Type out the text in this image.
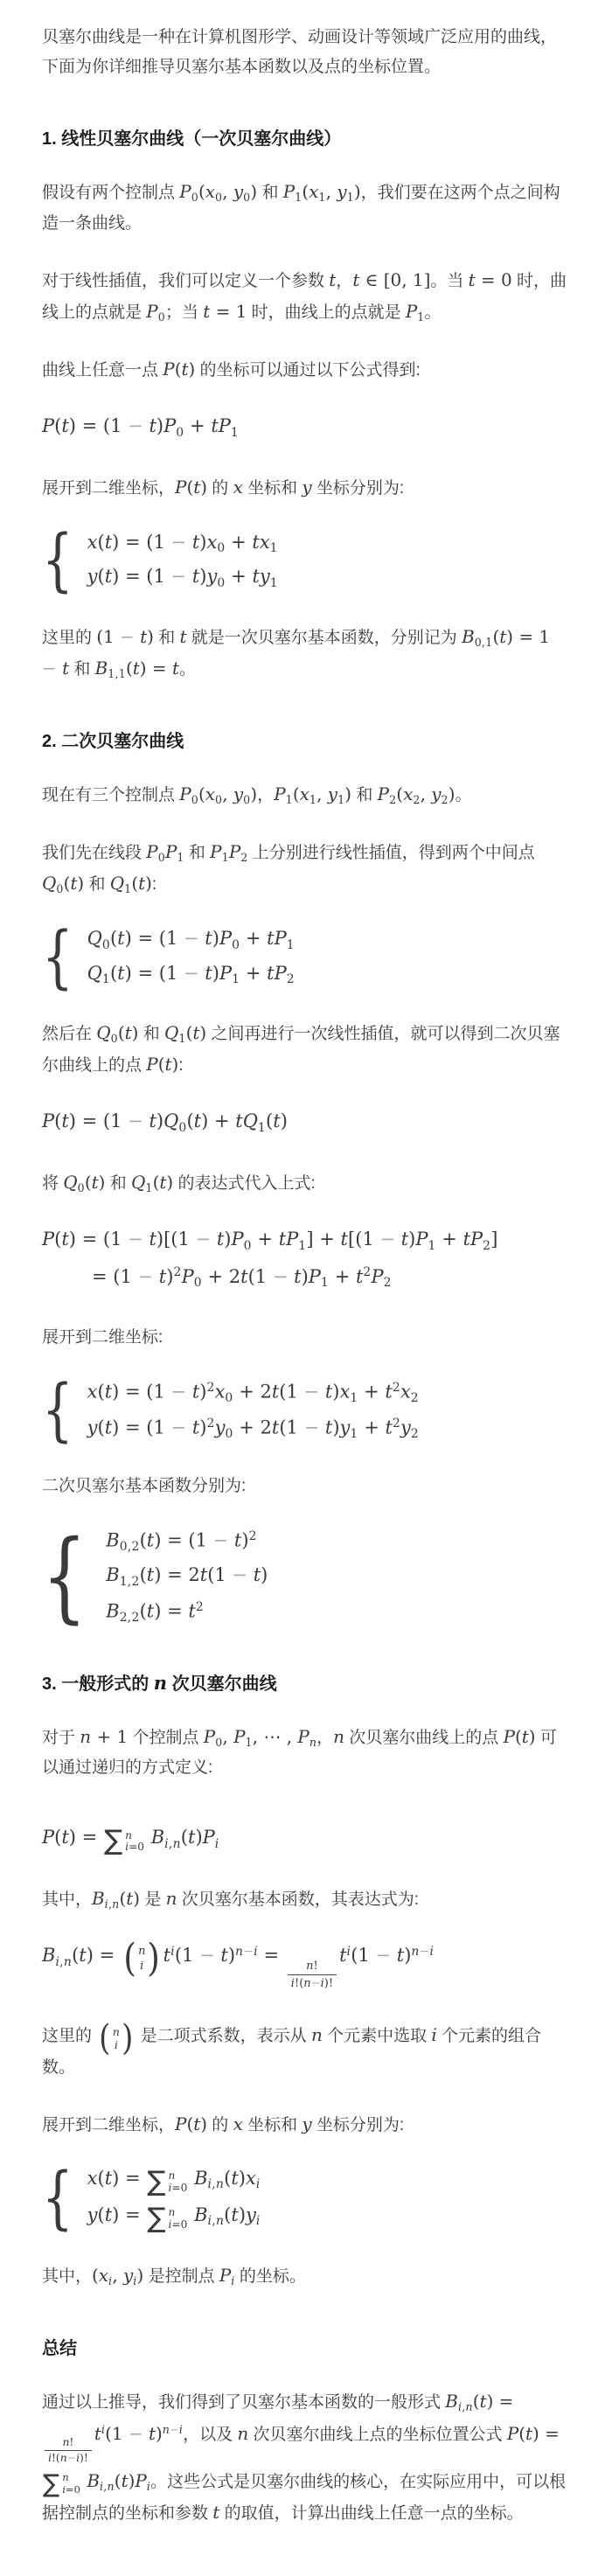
贝塞尔曲线是一种在计算机图形学、动画设计等领域广泛应用的曲线，下面为你详细推导贝塞尔基本函数以及点的坐标位置。

1. 线性贝塞尔曲线（一次贝塞尔曲线）

假设有两个控制点 $P_0(x_0$, $y_0$) 和 $P_1(x_1$, $y_1$)，我们要在这两个点之间构造一条曲线。

对于线性插值，我们可以定义一个参数 t，t ∈ [0, 1]。当 t = 0 时，曲线上的点就是 $P_0$；当 t = 1 时，曲线上的点就是 $P_1$。

曲线上任意一点 P(t) 的坐标可以通过以下公式得到:

$P(t) = (1 - t)P_0 + tP_1$

展开到二维坐标，P(t) 的 x 坐标和 y 坐标分别为:

{ $x(t) = (1 - t)x_0 + tx_1$
$y(t) = (1 - t)y_0 + ty_1$

这里的 (1 − t) 和 t 就是一次贝塞尔基本函数，分别记为 $B_{0,1}(t) = 1 - t$ 和 $B_{1,1}(t) = t$。

2. 二次贝塞尔曲线

现在有三个控制点 $P_0(x_0$, $y_0$)，$P_1(x_1$, $y_1$) 和 $P_2(x_2$, $y_2$)。

我们先在线段 $P_0P_1$ 和 $P_1P_2$ 上分别进行线性插值，得到两个中间点 $Q_0(t)$ 和 $Q_1(t)$:

{ $Q_0(t) = (1 - t)P_0 + tP_1$
$Q_1(t) = (1 - t)P_1 + tP_2$

然后在 $Q_0(t)$ 和 $Q_1(t)$ 之间再进行一次线性插值，就可以得到二次贝塞尔曲线上的点 P(t):

$P(t) = (1 - t)Q_0(t) + tQ_1(t)$

将 $Q_0(t)$ 和 $Q_1(t)$ 的表达式代入上式:

$P(t) = (1 - t)[(1 - t)P_0 + tP_1] + t[(1 - t)P_1 + tP_2]$
= $(1 - t)^2P_0 + 2t(1 - t)P_1 + t^2P_2$

展开到二维坐标:

{ $x(t) = (1 - t)^2x_0 + 2t(1 - t)x_1 + t^2x_2$
$y(t) = (1 - t)^2y_0 + 2t(1 - t)y_1 + t^2y_2$

二次贝塞尔基本函数分别为:

{ $B_{0,2}(t) = (1 - t)^2$
$B_{1,2}(t) = 2t(1 - t)$
$B_{2,2}(t) = t^2$
3. 一般形式的 n 次贝塞尔曲线

对于 n + 1 个控制点 $P_0$, $P_1$, ⋯ , $P_n$，n 次贝塞尔曲线上的点 P(t) 可以通过递归的方式定义:

P(t) = ∑ n
i=0 $B_{i,n}(t)P_i$

其中，$B_{i,n}(t)$ 是 n 次贝塞尔基本函数，其表达式为:

$B_{i,n}(t)$ = ( n
i ) $t^i(1 - t)^{n-i}$ =
$\frac{n!}{i!(n-i)!}$
$t^i(1 - t)^{n-i}$

这里的 ( n
i ) 是二项式系数，表示从 n 个元素中选取 i 个元素的组合数。

展开到二维坐标，P(t) 的 x 坐标和 y 坐标分别为:

{ x(t) = ∑ n
i=0 $B_{i,n}(t)x_i$
y(t) = ∑ n
i=0 $B_{i,n}(t)y_i$

其中，($x_i$, $y_i$) 是控制点 $P_i$ 的坐标。

总结

通过以上推导，我们得到了贝塞尔基本函数的一般形式 $B_{i,n}(t)$ =
$\frac{n!}{i!(n-i)!}$
$t^i(1 - t)^{n-i}$，以及 n 次贝塞尔曲线上点的坐标位置公式 P(t) =
∑ n
i=0 $B_{i,n}(t)P_i$。这些公式是贝塞尔曲线的核心，在实际应用中，可以根据控制点的坐标和参数 t 的取值，计算出曲线上任意一点的坐标。
